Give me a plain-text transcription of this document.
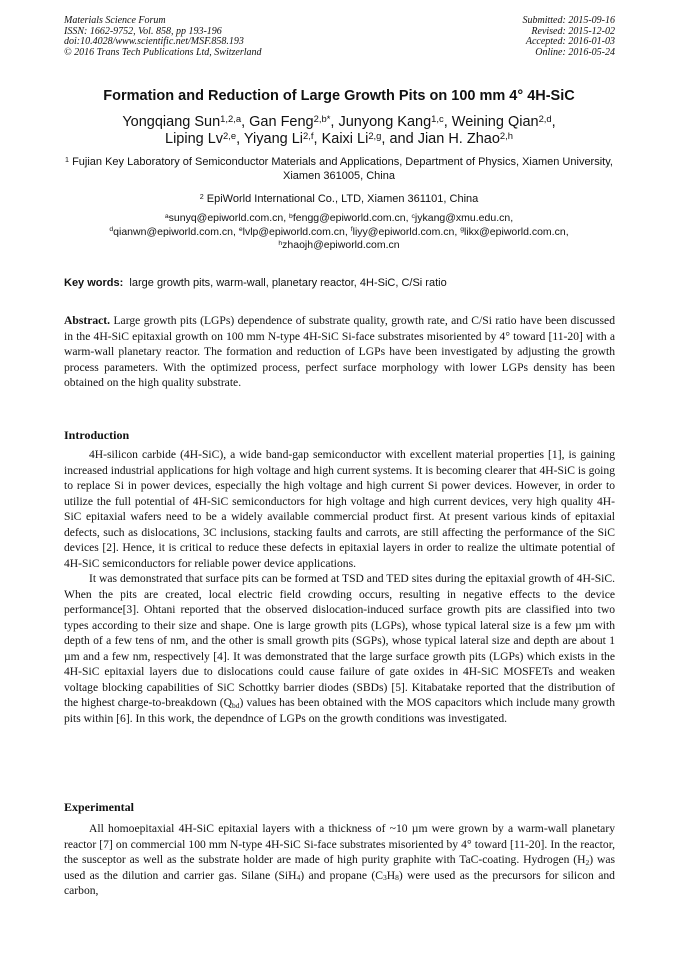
Materials Science Forum
ISSN: 1662-9752, Vol. 858, pp 193-196
doi:10.4028/www.scientific.net/MSF.858.193
© 2016 Trans Tech Publications Ltd, Switzerland
Submitted: 2015-09-16
Revised: 2015-12-02
Accepted: 2016-01-03
Online: 2016-05-24
Formation and Reduction of Large Growth Pits on 100 mm 4° 4H-SiC
Yongqiang Sun$^{1,2,a}$, Gan Feng$^{2,b*}$, Junyong Kang$^{1,c}$, Weining Qian$^{2,d}$,
Liping Lv$^{2,e}$, Yiyang Li$^{2,f}$, Kaixi Li$^{2,g}$, and Jian H. Zhao$^{2,h}$
$^1$ Fujian Key Laboratory of Semiconductor Materials and Applications, Department of Physics, Xiamen University, Xiamen 361005, China
$^2$ EpiWorld International Co., LTD, Xiamen 361101, China
$^a$sunyq@epiworld.com.cn, $^b$fengg@epiworld.com.cn, $^c$jykang@xmu.edu.cn,
$^d$qianwn@epiworld.com.cn, $^e$lvlp@epiworld.com.cn, $^f$liyy@epiworld.com.cn, $^g$likx@epiworld.com.cn,
$^h$zhaojh@epiworld.com.cn
Key words: large growth pits, warm-wall, planetary reactor, 4H-SiC, C/Si ratio
Abstract. Large growth pits (LGPs) dependence of substrate quality, growth rate, and C/Si ratio have been discussed in the 4H-SiC epitaxial growth on 100 mm N-type 4H-SiC Si-face substrates misoriented by 4° toward [11-20] with a warm-wall planetary reactor. The formation and reduction of LGPs have been investigated by adjusting the growth process parameters. With the optimized process, perfect surface morphology with lower LGPs density has been obtained on the high quality substrate.
Introduction

4H-silicon carbide (4H-SiC), a wide band-gap semiconductor with excellent material properties [1], is gaining increased industrial applications for high voltage and high current systems. It is becoming clearer that 4H-SiC is going to replace Si in power devices, especially the high voltage and high current Si power devices. However, in order to utilize the full potential of 4H-SiC semiconductors for high voltage and high current devices, very high quality 4H-SiC epitaxial wafers need to be a widely available commercial product first. At present various kinds of epitaxial defects, such as dislocations, 3C inclusions, stacking faults and carrots, are still affecting the performance of the SiC devices [2]. Hence, it is critical to reduce these defects in epitaxial layers in order to realize the ultimate potential of 4H-SiC semiconductors for reliable power device applications.

It was demonstrated that surface pits can be formed at TSD and TED sites during the epitaxial growth of 4H-SiC. When the pits are created, local electric field crowding occurs, resulting in negative effects to the device performance[3]. Ohtani reported that the observed dislocation-induced surface growth pits are classified into two types according to their size and shape. One is large growth pits (LGPs), whose typical lateral size is a few µm with depth of a few tens of nm, and the other is small growth pits (SGPs), whose typical lateral size and depth are about 1 µm and a few nm, respectively [4]. It was demonstrated that the large surface growth pits (LGPs) which exists in the 4H-SiC epitaxial layers due to dislocations could cause failure of gate oxides in 4H-SiC MOSFETs and weaken voltage blocking capabilities of SiC Schottky barrier diodes (SBDs) [5]. Kitabatake reported that the distribution of the highest charge-to-breakdown $(Q_{bd})$ values has been obtained with the MOS capacitors which include many growth pits within [6]. In this work, the dependnce of LGPs on the growth conditions was investigated.

Experimental

All homoepitaxial 4H-SiC epitaxial layers with a thickness of ~10 µm were grown by a warm-wall planetary reactor [7] on commercial 100 mm N-type 4H-SiC Si-face substrates misoriented by 4° toward [11-20]. In the reactor, the susceptor as well as the substrate holder are made of high purity graphite with TaC-coating. Hydrogen $(H_2)$ was used as the dilution and carrier gas. Silane (SiH$_4$) and propane $(C_3H_8)$ were used as the precursors for silicon and carbon,
